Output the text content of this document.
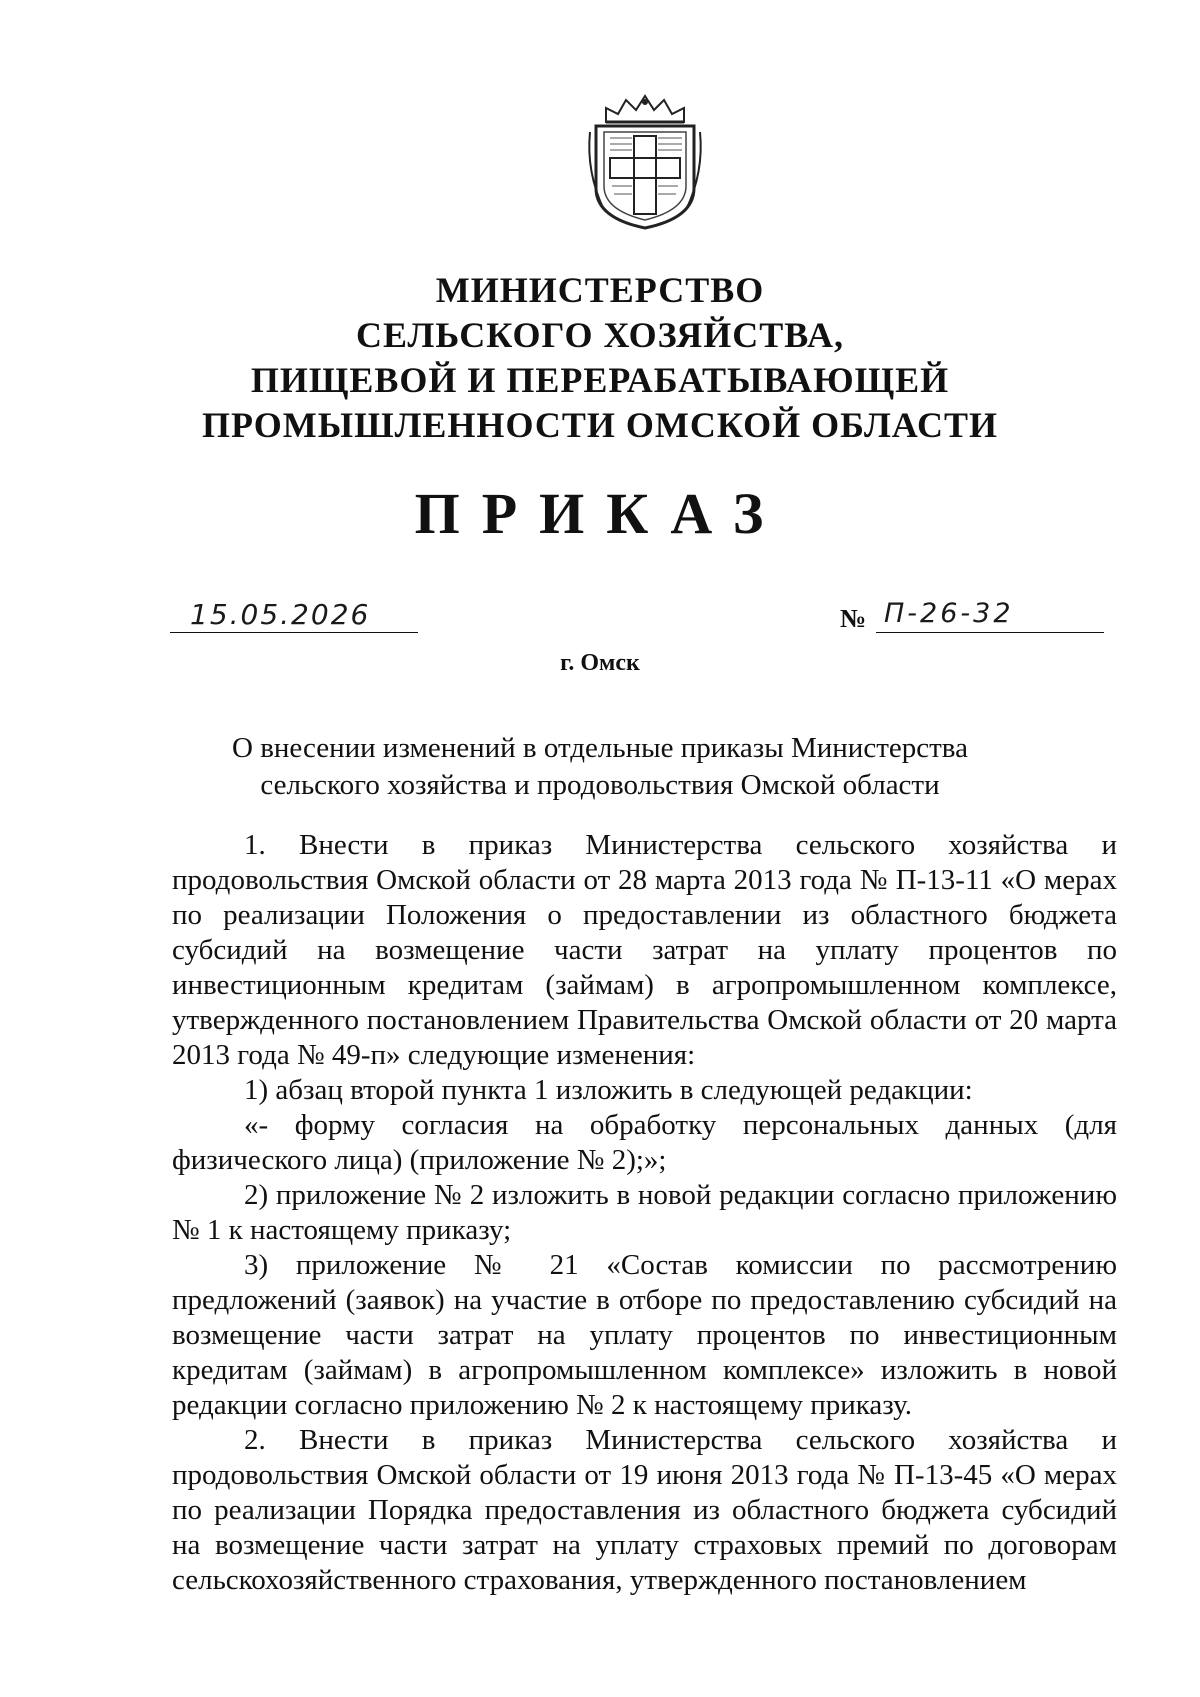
МИНИСТЕРСТВО
СЕЛЬСКОГО ХОЗЯЙСТВА,
ПИЩЕВОЙ И ПЕРЕРАБАТЫВАЮЩЕЙ
ПРОМЫШЛЕННОСТИ ОМСКОЙ ОБЛАСТИ
ПРИКАЗ
15.05.2026	№ П-26-32
г. Омск
О внесении изменений в отдельные приказы Министерства сельского хозяйства и продовольствия Омской области

1. Внести в приказ Министерства сельского хозяйства и продовольствия Омской области от 28 марта 2013 года № П-13-11 «О мерах по реализации Положения о предоставлении из областного бюджета субсидий на возмещение части затрат на уплату процентов по инвестиционным кредитам (займам) в агропромышленном комплексе, утвержденного постановлением Правительства Омской области от 20 марта 2013 года № 49-п» следующие изменения:

1) абзац второй пункта 1 изложить в следующей редакции:

«- форму согласия на обработку персональных данных (для физического лица) (приложение № 2);»;

2) приложение № 2 изложить в новой редакции согласно приложению № 1 к настоящему приказу;

3) приложение № 21 «Состав комиссии по рассмотрению предложений (заявок) на участие в отборе по предоставлению субсидий на возмещение части затрат на уплату процентов по инвестиционным кредитам (займам) в агропромышленном комплексе» изложить в новой редакции согласно приложению № 2 к настоящему приказу.

2. Внести в приказ Министерства сельского хозяйства и продовольствия Омской области от 19 июня 2013 года № П-13-45 «О мерах по реализации Порядка предоставления из областного бюджета субсидий на возмещение части затрат на уплату страховых премий по договорам сельскохозяйственного страхования, утвержденного постановлением
